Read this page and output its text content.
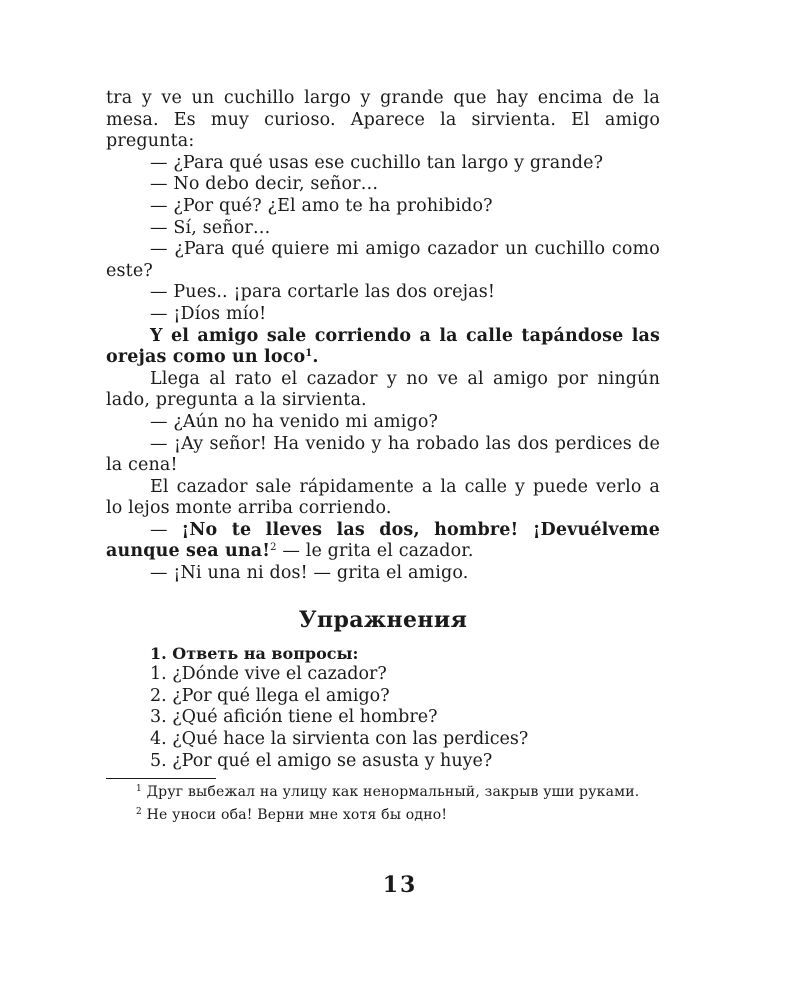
tra y ve un cuchillo largo y grande que hay encima de la mesa. Es muy curioso. Aparece la sirvienta. El amigo pregunta:

— ¿Para qué usas ese cuchillo tan largo y grande?

— No debo decir, señor…

— ¿Por qué? ¿El amo te ha prohibido?

— Sí, señor…

— ¿Para qué quiere mi amigo cazador un cuchillo como este?

— Pues.. ¡para cortarle las dos orejas!

— ¡Díos mío!

Y el amigo sale corriendo a la calle tapándose las orejas como un loco$^1$.

Llega al rato el cazador y no ve al amigo por ningún lado, pregunta a la sirvienta.

— ¿Aún no ha venido mi amigo?

— ¡Ay señor! Ha venido y ha robado las dos perdices de la cena!

El cazador sale rápidamente a la calle y puede verlo a lo lejos monte arriba corriendo.

— ¡No te lleves las dos, hombre! ¡Devuélveme aunque sea una!$^2$ — le grita el cazador.

— ¡Ni una ni dos! — grita el amigo.

Упражнения
1. Ответь на вопросы:
1. ¿Dónde vive el cazador?
2. ¿Por qué llega el amigo?
3. ¿Qué afición tiene el hombre?
4. ¿Qué hace la sirvienta con las perdices?
5. ¿Por qué el amigo se asusta y huye?

$^1$ Друг выбежал на улицу как ненормальный, закрыв уши руками.

$^2$ Не уноси оба! Верни мне хотя бы одно!

13
